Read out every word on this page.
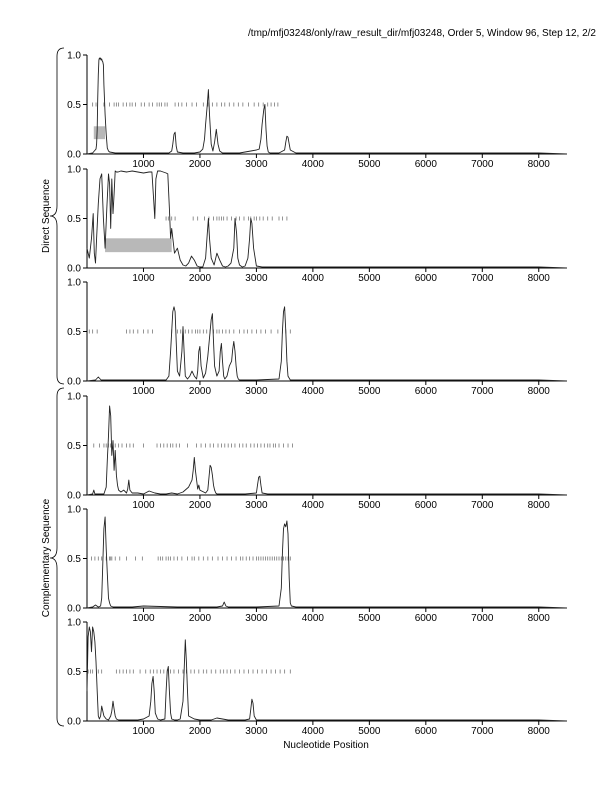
/tmp/mfj03248/only/raw_result_dir/mfj03248, Order 5, Window 96, Step 12, 2/2
Direct Sequence
Complementary Sequence
0.0
0.5
1.0
1000	2000	3000	4000	5000	6000	7000	8000
0.0
0.5
1.0
1000	2000	3000	4000	5000	6000	7000	8000
0.0
0.5
1.0
1000	2000	3000	4000	5000	6000	7000	8000
0.0
0.5
1.0
1000	2000	3000	4000	5000	6000	7000	8000
0.0
0.5
1.0
1000	2000	3000	4000	5000	6000	7000	8000
0.0
0.5
1.0
1000	2000	3000	4000	5000	6000	7000	8000
Nucleotide Position
